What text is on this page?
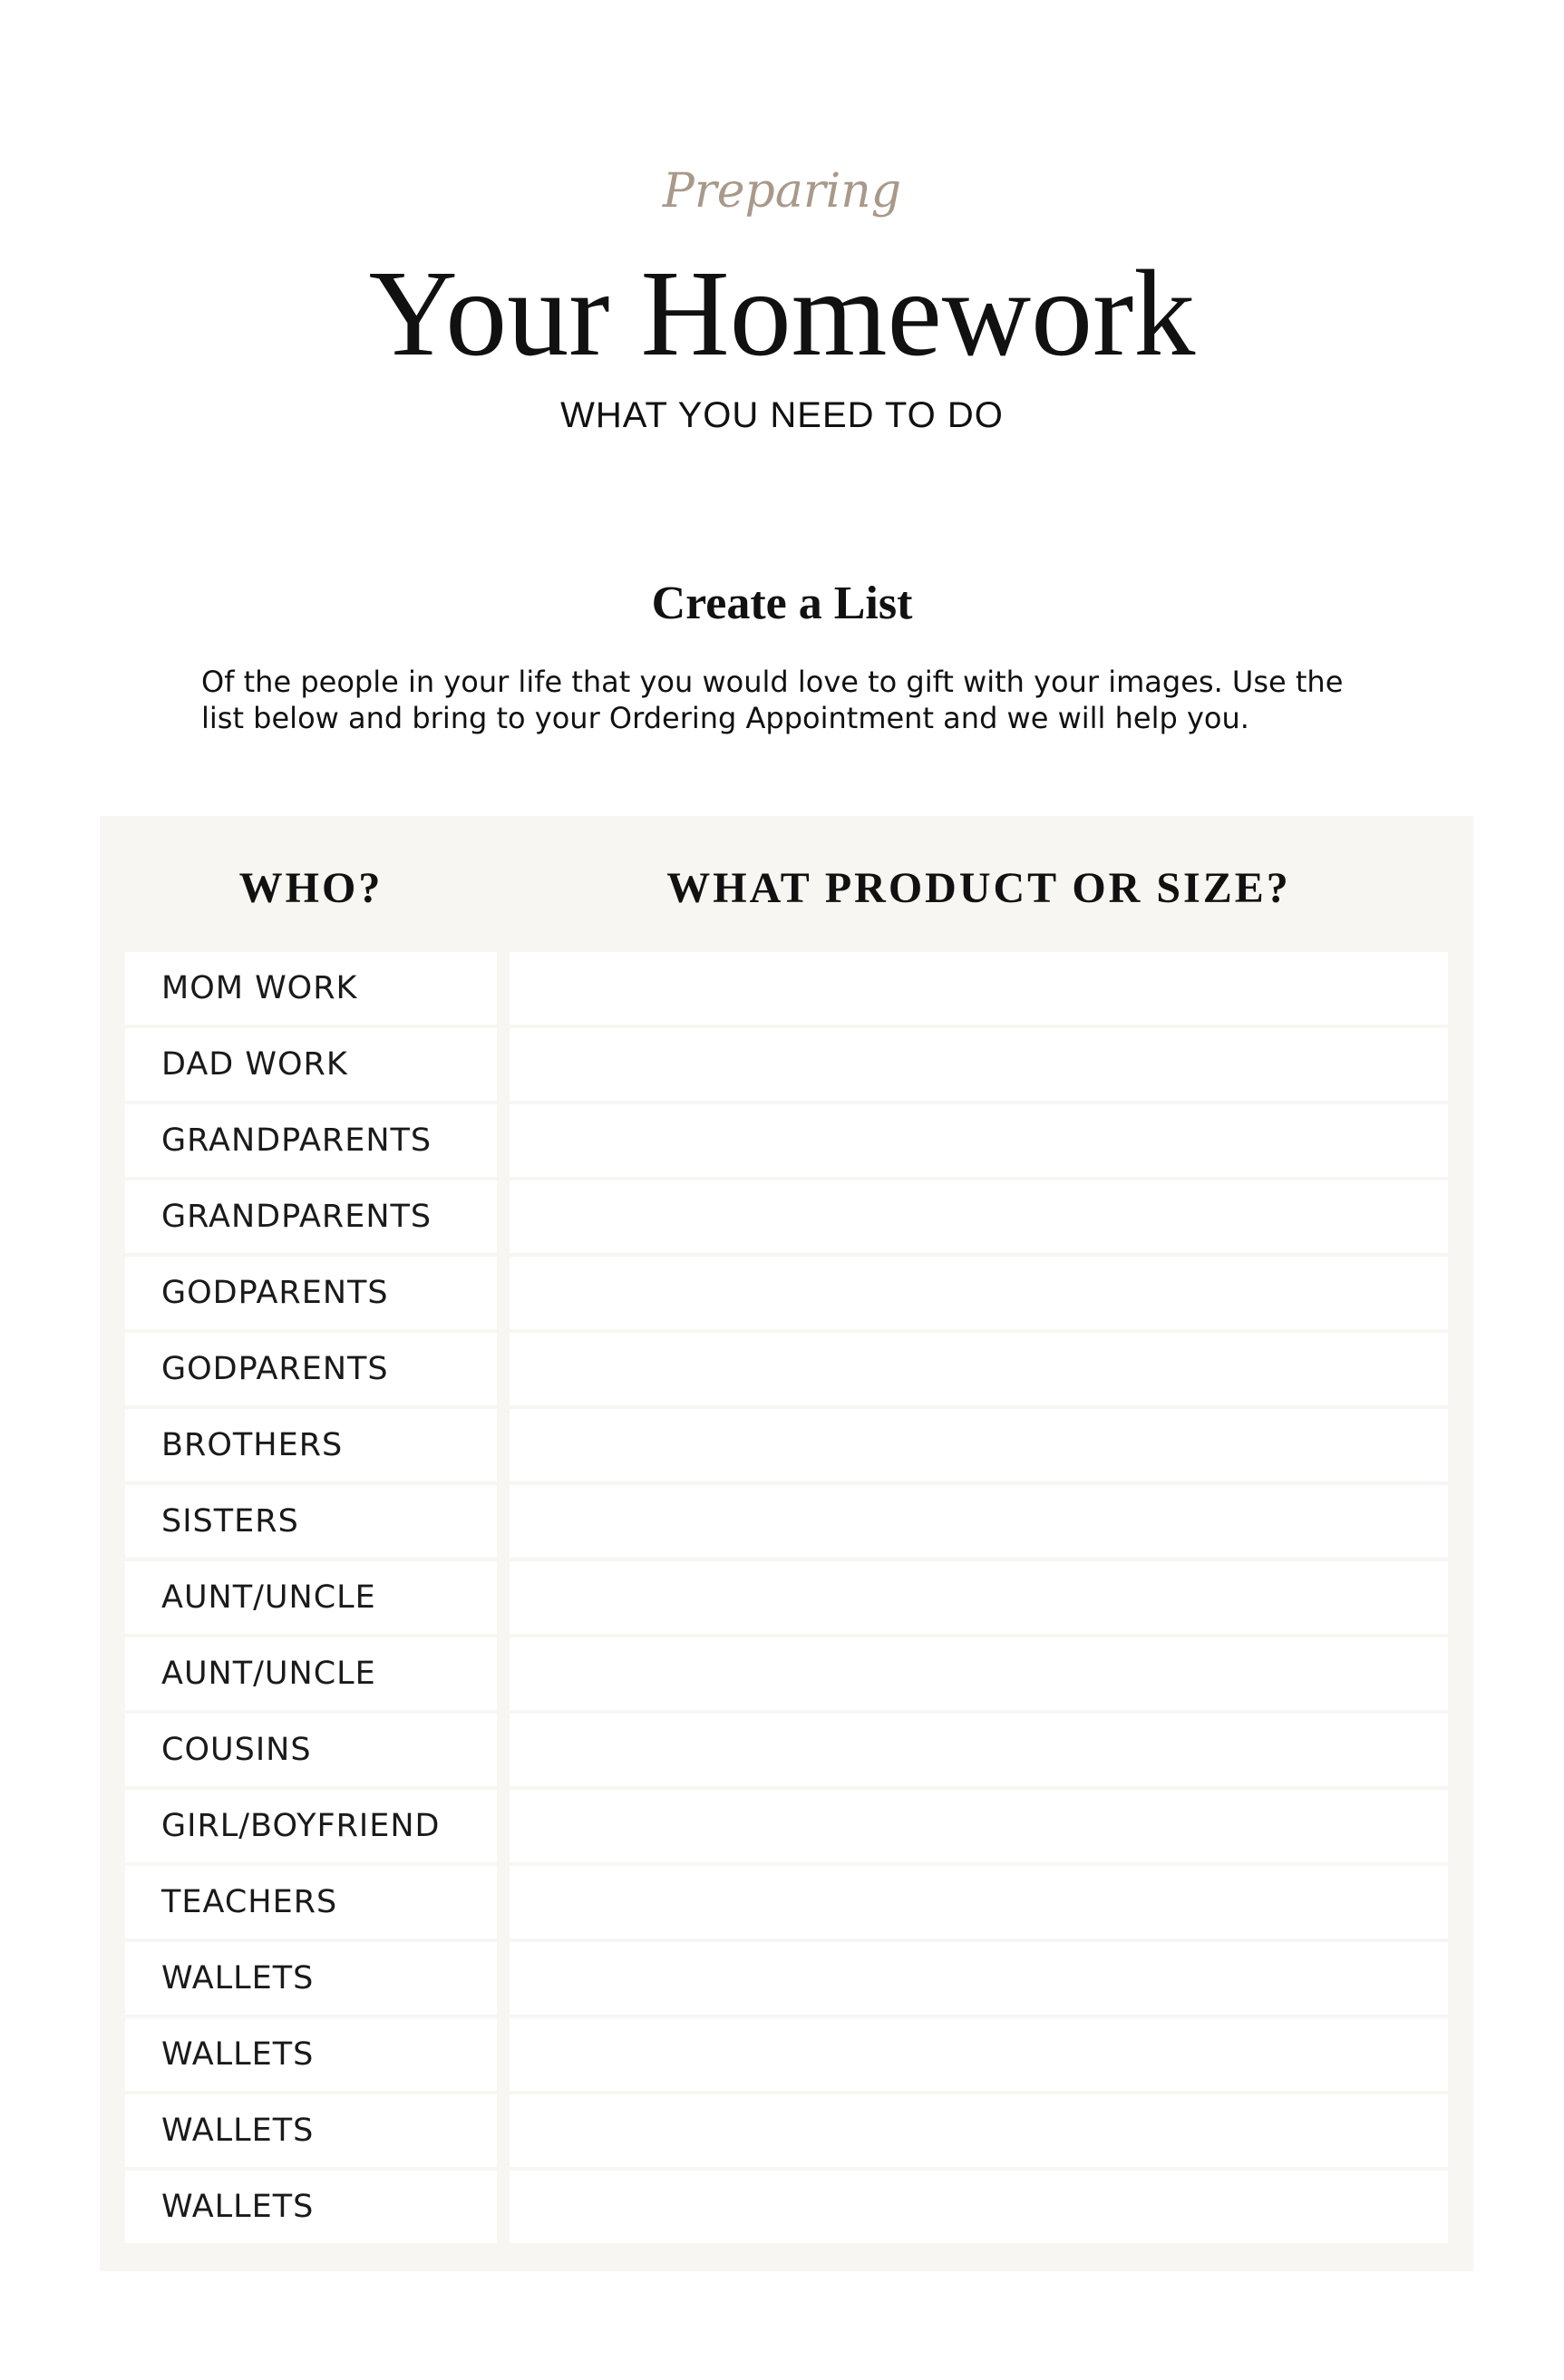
Preparing
Your Homework
WHAT YOU NEED TO DO
Create a List
Of the people in your life that you would love to gift with your images. Use the list below and bring to your Ordering Appointment and we will help you.
WHO?	WHAT PRODUCT OR SIZE?
MOM WORK
DAD WORK
GRANDPARENTS
GRANDPARENTS
GODPARENTS
GODPARENTS
BROTHERS
SISTERS
AUNT/UNCLE
AUNT/UNCLE
COUSINS
GIRL/BOYFRIEND
TEACHERS
WALLETS
WALLETS
WALLETS
WALLETS
